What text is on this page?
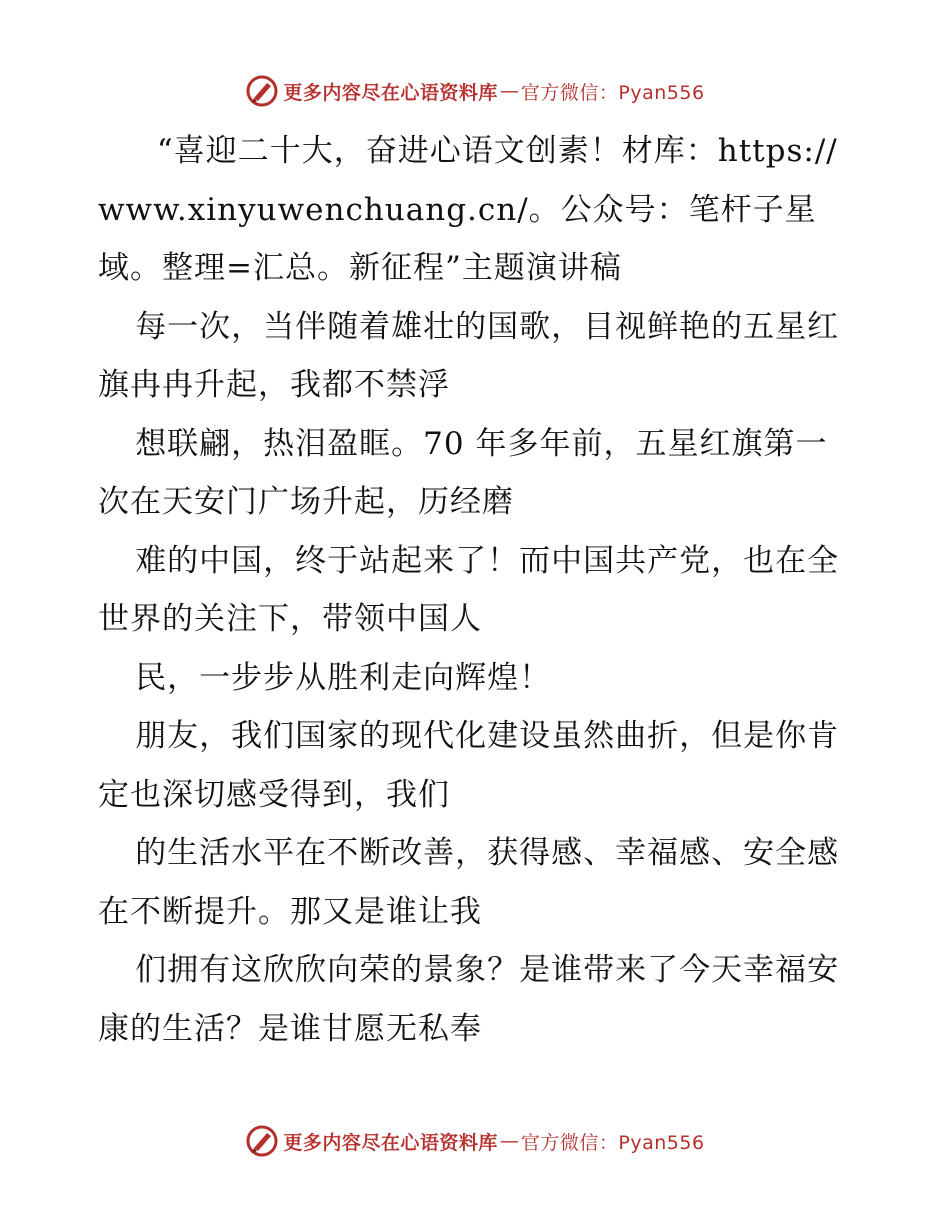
更多内容尽在心语资料库 — 官方微信：Pyan556

“喜迎二十大，奋进心语文创素！材库：https://www.xinyuwenchuang.cn/。公众号：笔杆子星域。整理=汇总。新征程”主题演讲稿

每一次，当伴随着雄壮的国歌，目视鲜艳的五星红旗冉冉升起，我都不禁浮

想联翩，热泪盈眶。70 年多年前，五星红旗第一次在天安门广场升起，历经磨

难的中国，终于站起来了！而中国共产党，也在全世界的关注下，带领中国人

民，一步步从胜利走向辉煌！

朋友，我们国家的现代化建设虽然曲折，但是你肯定也深切感受得到，我们

的生活水平在不断改善，获得感、幸福感、安全感在不断提升。那又是谁让我

们拥有这欣欣向荣的景象？是谁带来了今天幸福安康的生活？是谁甘愿无私奉

更多内容尽在心语资料库 — 官方微信：Pyan556
